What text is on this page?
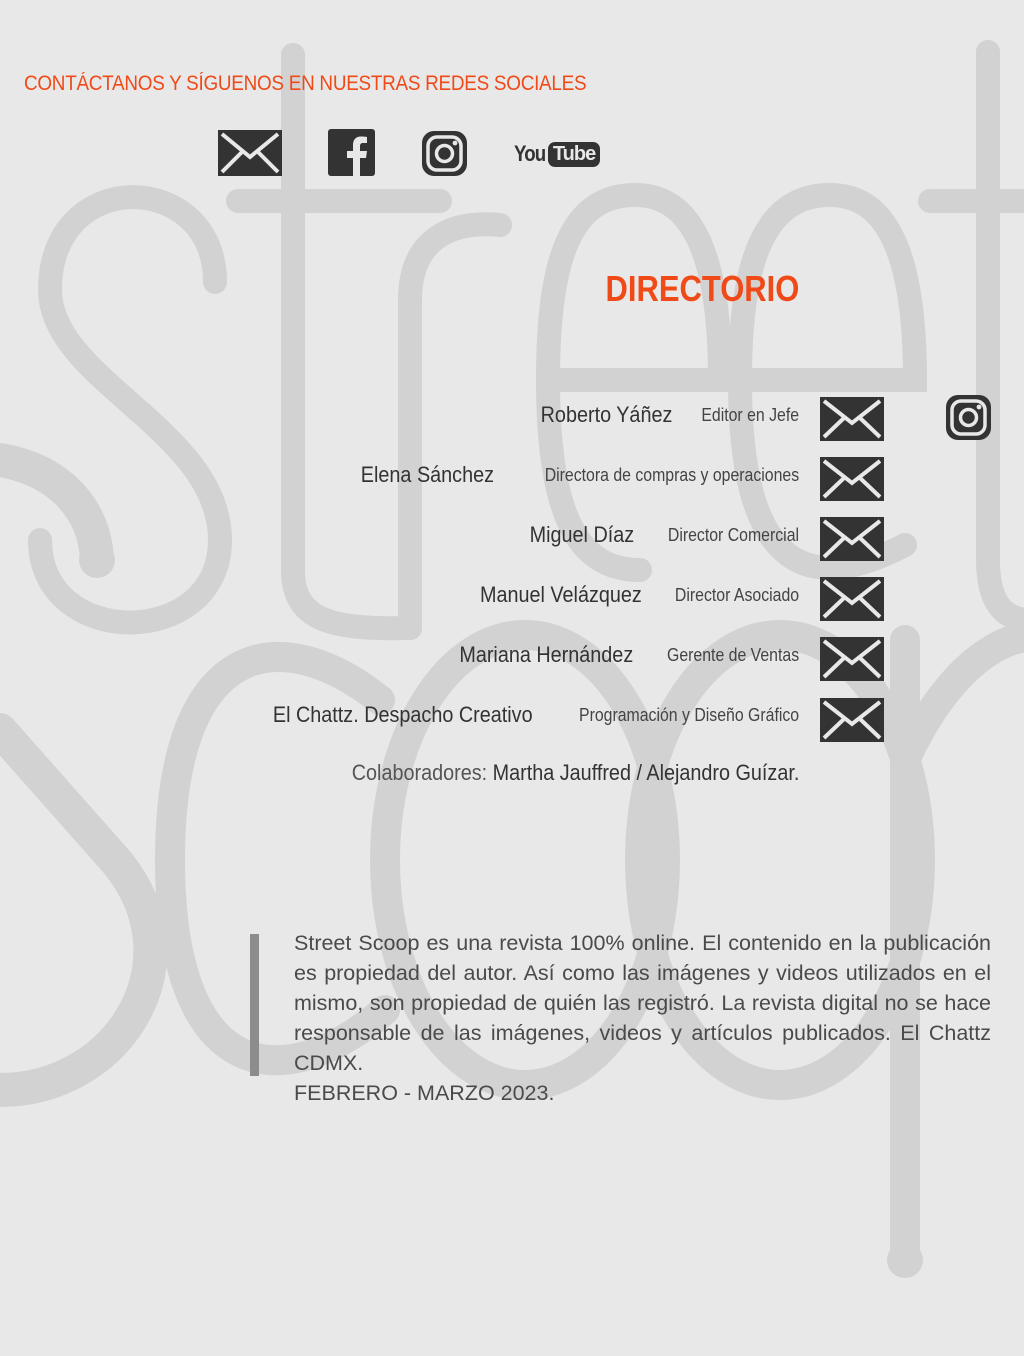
CONTÁCTANOS Y SÍGUENOS EN NUESTRAS REDES SOCIALES
You Tube
DIRECTORIO
Roberto Yáñez Editor en Jefe
Elena Sánchez	Directora de compras y operaciones
Miguel Díaz Director Comercial
Manuel Velázquez Director Asociado
Mariana Hernández Gerente de Ventas
El Chattz. Despacho Creativo	Programación y Diseño Gráfico
Colaboradores: Martha Jauffred / Alejandro Guízar.

Street Scoop es una revista 100% online. El contenido en la publicación es propiedad del autor. Así como las imágenes y videos utilizados en el mismo, son propiedad de quién las registró. La revista digital no se hace responsable de las imágenes, videos y artículos publicados. El Chattz CDMX.

FEBRERO - MARZO 2023.
